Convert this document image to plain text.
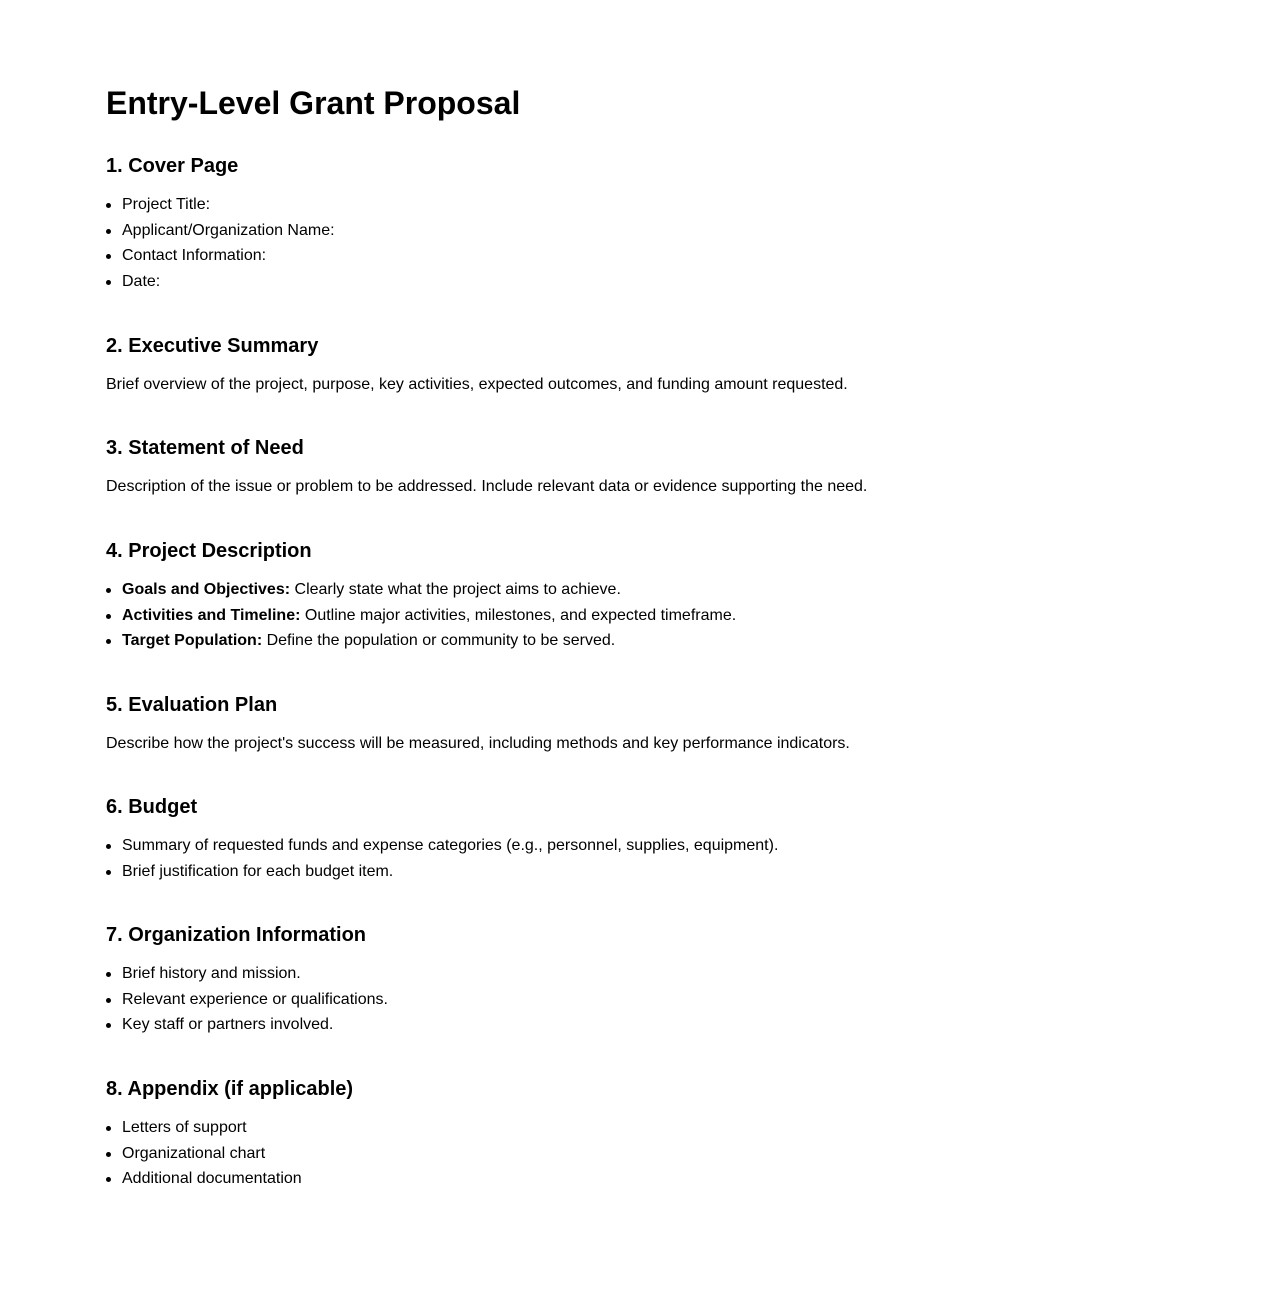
Entry-Level Grant Proposal
1. Cover Page
Project Title:
Applicant/Organization Name:
Contact Information:
Date:
2. Executive Summary

Brief overview of the project, purpose, key activities, expected outcomes, and funding amount requested.

3. Statement of Need

Description of the issue or problem to be addressed. Include relevant data or evidence supporting the need.

4. Project Description
Goals and Objectives: Clearly state what the project aims to achieve.
Activities and Timeline: Outline major activities, milestones, and expected timeframe.
Target Population: Define the population or community to be served.
5. Evaluation Plan

Describe how the project's success will be measured, including methods and key performance indicators.

6. Budget
Summary of requested funds and expense categories (e.g., personnel, supplies, equipment).
Brief justification for each budget item.
7. Organization Information
Brief history and mission.
Relevant experience or qualifications.
Key staff or partners involved.
8. Appendix (if applicable)
Letters of support
Organizational chart
Additional documentation
